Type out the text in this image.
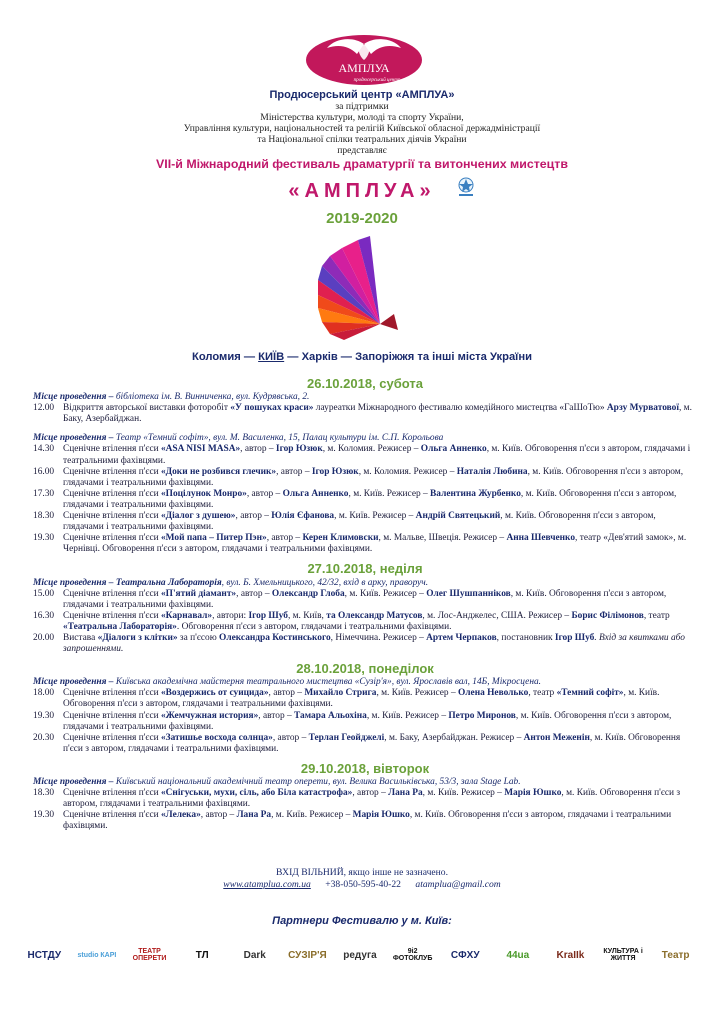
АМПЛУА
продюсерський центр
Продюсерський центр «АМПЛУА»
за підтримки
Міністерства культури, молоді та спорту України,
Управління культури, національностей та релігій Київської обласної держадміністрації
та Національної спілки театральних діячів України
представляє
VII-й Міжнародний фестиваль драматургії та витончених мистецтв
«АМПЛУА»
2019-2020
Коломия — КИЇВ — Харків — Запоріжжя та інші міста України
26.10.2018, субота
Місце проведення – бібліотека ім. В. Винниченка, вул. Кудрявська, 2.
12.00 Відкриття авторської виставки фоторобіт «У пошуках краси» лауреатки Міжнародного фестивалю комедійного мистецтва «ГаШоТю» Арзу Мурватової, м. Баку, Азербайджан.
Місце проведення – Театр «Темний софіт», вул. М. Василенка, 15, Палац культури ім. С.П. Корольова
14.30 Сценічне втілення п'єси «ASA NISI MASA», автор – Ігор Юзюк, м. Коломия. Режисер – Ольга Анненко, м. Київ. Обговорення п'єси з автором, глядачами і театральними фахівцями.
16.00 Сценічне втілення п'єси «Доки не розбився глечик», автор – Ігор Юзюк, м. Коломия. Режисер – Наталія Любина, м. Київ. Обговорення п'єси з автором, глядачами і театральними фахівцями.
17.30 Сценічне втілення п'єси «Поцілунок Монро», автор – Ольга Анненко, м. Київ. Режисер – Валентина Журбенко, м. Київ. Обговорення п'єси з автором, глядачами і театральними фахівцями.
18.30 Сценічне втілення п'єси «Діалог з душею», автор – Юлія Єфанова, м. Київ. Режисер – Андрій Святецький, м. Київ. Обговорення п'єси з автором, глядачами і театральними фахівцями.
19.30 Сценічне втілення п'єси «Мой папа – Питер Пэн», автор – Керен Климовски, м. Мальве, Швеція. Режисер – Анна Шевченко, театр «Дев'ятий замок», м. Чернівці. Обговорення п'єси з автором, глядачами і театральними фахівцями.
27.10.2018, неділя
Місце проведення – Театральна Лабораторія, вул. Б. Хмельницького, 42/32, вхід в арку, праворуч.
15.00 Сценічне втілення п'єси «П'ятий діамант», автор – Олександр Глоба, м. Київ. Режисер – Олег Шушпанніков, м. Київ. Обговорення п'єси з автором, глядачами і театральними фахівцями.
16.30 Сценічне втілення п'єси «Карнавал», автори: Ігор Шуб, м. Київ, та Олександр Матусов, м. Лос-Анджелес, США. Режисер – Борис Філімонов, театр «Театральна Лабораторія». Обговорення п'єси з автором, глядачами і театральними фахівцями.
20.00 Вистава «Діалоги з клітки» за п'єсою Олександра Костинського, Німеччина. Режисер – Артем Черпаков, постановник Ігор Шуб. Вхід за квитками або запрошеннями.
28.10.2018, понеділок
Місце проведення – Київська академічна майстерня театрального мистецтва «Сузір'я», вул. Ярославів вал, 14Б, Мікросцена.
18.00 Сценічне втілення п'єси «Воздержись от суицида», автор – Михайло Стрига, м. Київ. Режисер – Олена Неволько, театр «Темний софіт», м. Київ. Обговорення п'єси з автором, глядачами і театральними фахівцями.
19.30 Сценічне втілення п'єси «Жемчужная история», автор – Тамара Альохіна, м. Київ. Режисер – Петро Миронов, м. Київ. Обговорення п'єси з автором, глядачами і театральними фахівцями.
20.30 Сценічне втілення п'єси «Затишье восхода солнца», автор – Терлан Геойджелі, м. Баку, Азербайджан. Режисер – Антон Меженін, м. Київ. Обговорення п'єси з автором, глядачами і театральними фахівцями.
29.10.2018, вівторок
Місце проведення – Київський національний академічний театр оперети, вул. Велика Васильківська, 53/3, зала Stage Lab.
18.30 Сценічне втілення п'єси «Снігуськи, мухи, сіль, або Біла катастрофа», автор – Лана Ра, м. Київ. Режисер – Марія Юшко, м. Київ. Обговорення п'єси з автором, глядачами і театральними фахівцями.
19.30 Сценічне втілення п'єси «Лелека», автор – Лана Ра, м. Київ. Режисер – Марія Юшко, м. Київ. Обговорення п'єси з автором, глядачами і театральними фахівцями.
ВХІД ВІЛЬНИЙ, якщо інше не зазначено.
www.atamplua.com.ua +38-050-595-40-22 atamplua@gmail.com
Партнери Фестивалю у м. Київ:
НСТДУ	studio КАРІ	ТЕАТР ОПЕРЕТИ	ТЛ	Dark	СУЗІР'Я	редуга	9і2 ФОТОКЛУБ	СФХУ	44ua	KraIIk	КУЛЬТУРА і ЖИТТЯ	Театр
